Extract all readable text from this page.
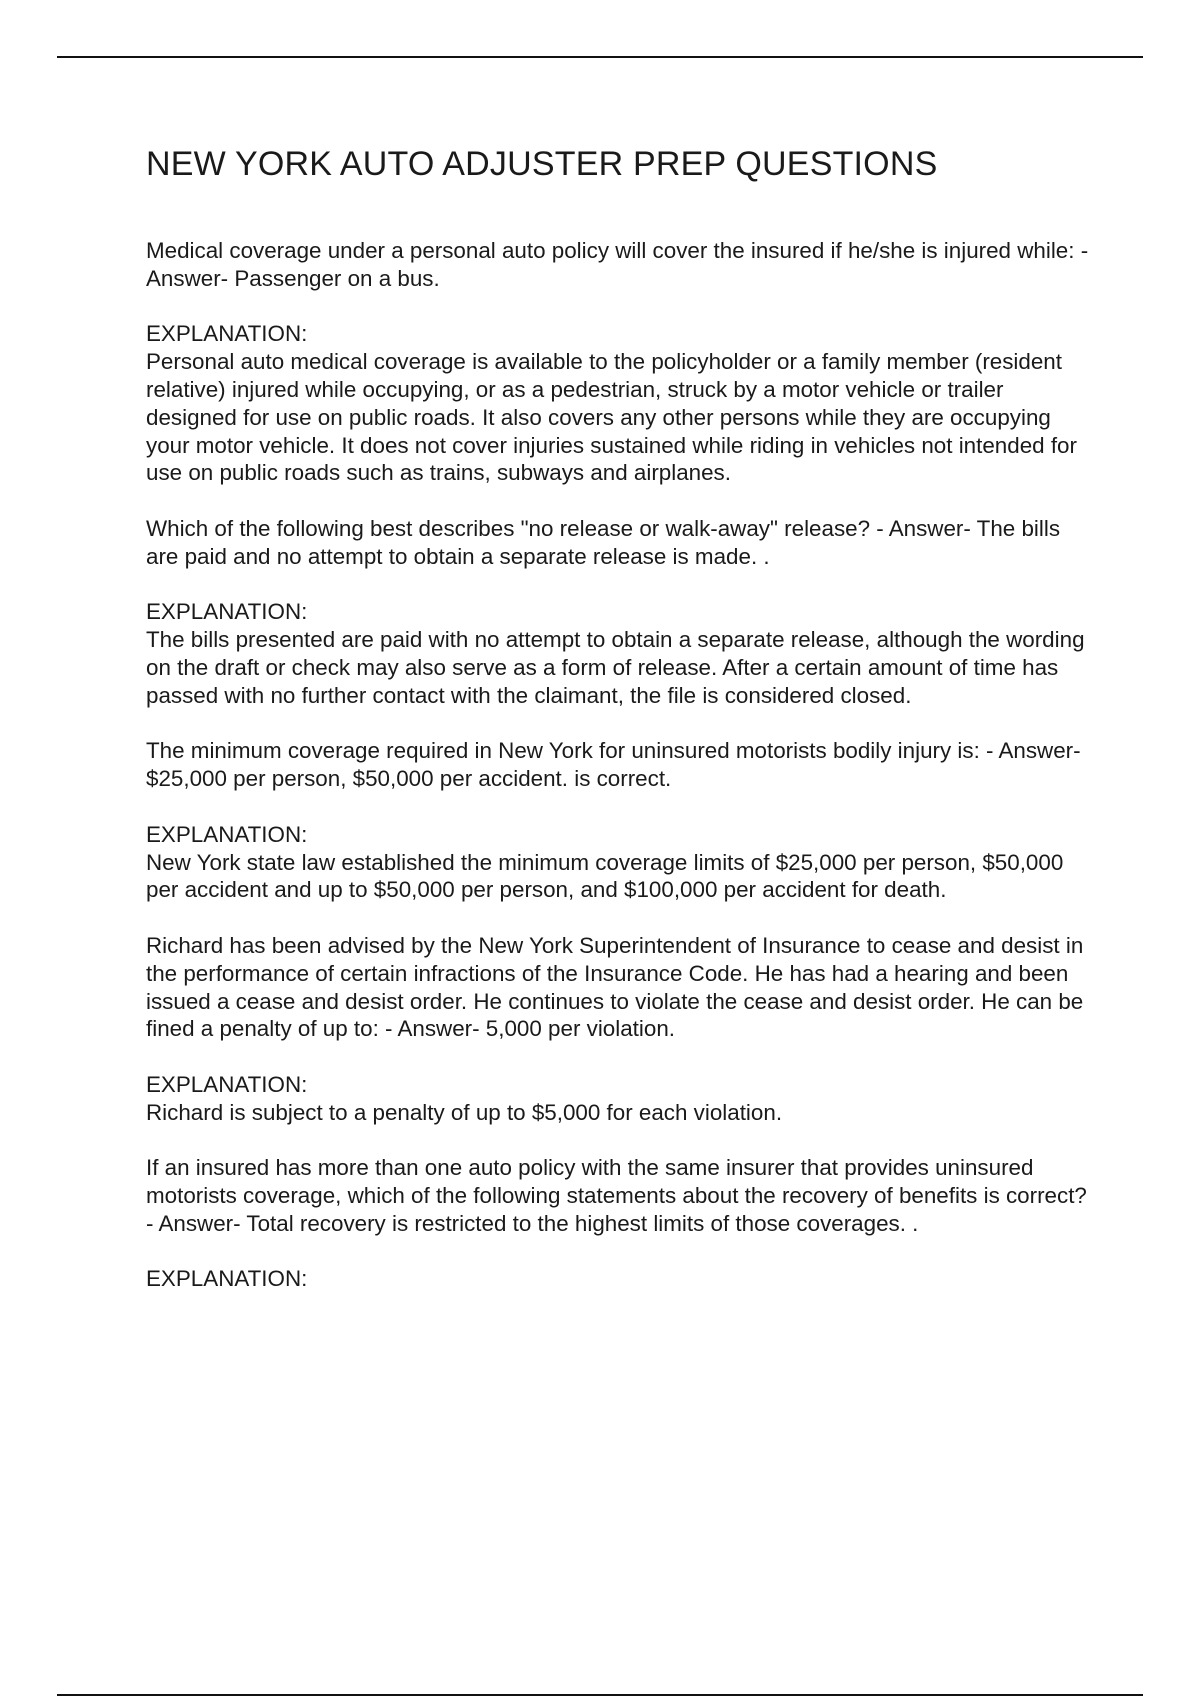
NEW YORK AUTO ADJUSTER PREP QUESTIONS

Medical coverage under a personal auto policy will cover the insured if he/she is injured while: - Answer- Passenger on a bus.

EXPLANATION:
Personal auto medical coverage is available to the policyholder or a family member (resident relative) injured while occupying, or as a pedestrian, struck by a motor vehicle or trailer designed for use on public roads. It also covers any other persons while they are occupying your motor vehicle. It does not cover injuries sustained while riding in vehicles not intended for use on public roads such as trains, subways and airplanes.

Which of the following best describes "no release or walk-away" release? - Answer- The bills are paid and no attempt to obtain a separate release is made. .

EXPLANATION:
The bills presented are paid with no attempt to obtain a separate release, although the wording on the draft or check may also serve as a form of release. After a certain amount of time has passed with no further contact with the claimant, the file is considered closed.

The minimum coverage required in New York for uninsured motorists bodily injury is: - Answer- $25,000 per person, $50,000 per accident. is correct.

EXPLANATION:
New York state law established the minimum coverage limits of $25,000 per person, $50,000 per accident and up to $50,000 per person, and $100,000 per accident for death.

Richard has been advised by the New York Superintendent of Insurance to cease and desist in the performance of certain infractions of the Insurance Code. He has had a hearing and been issued a cease and desist order. He continues to violate the cease and desist order. He can be fined a penalty of up to: - Answer- 5,000 per violation.

EXPLANATION:
Richard is subject to a penalty of up to $5,000 for each violation.

If an insured has more than one auto policy with the same insurer that provides uninsured motorists coverage, which of the following statements about the recovery of benefits is correct? - Answer- Total recovery is restricted to the highest limits of those coverages. .

EXPLANATION:
